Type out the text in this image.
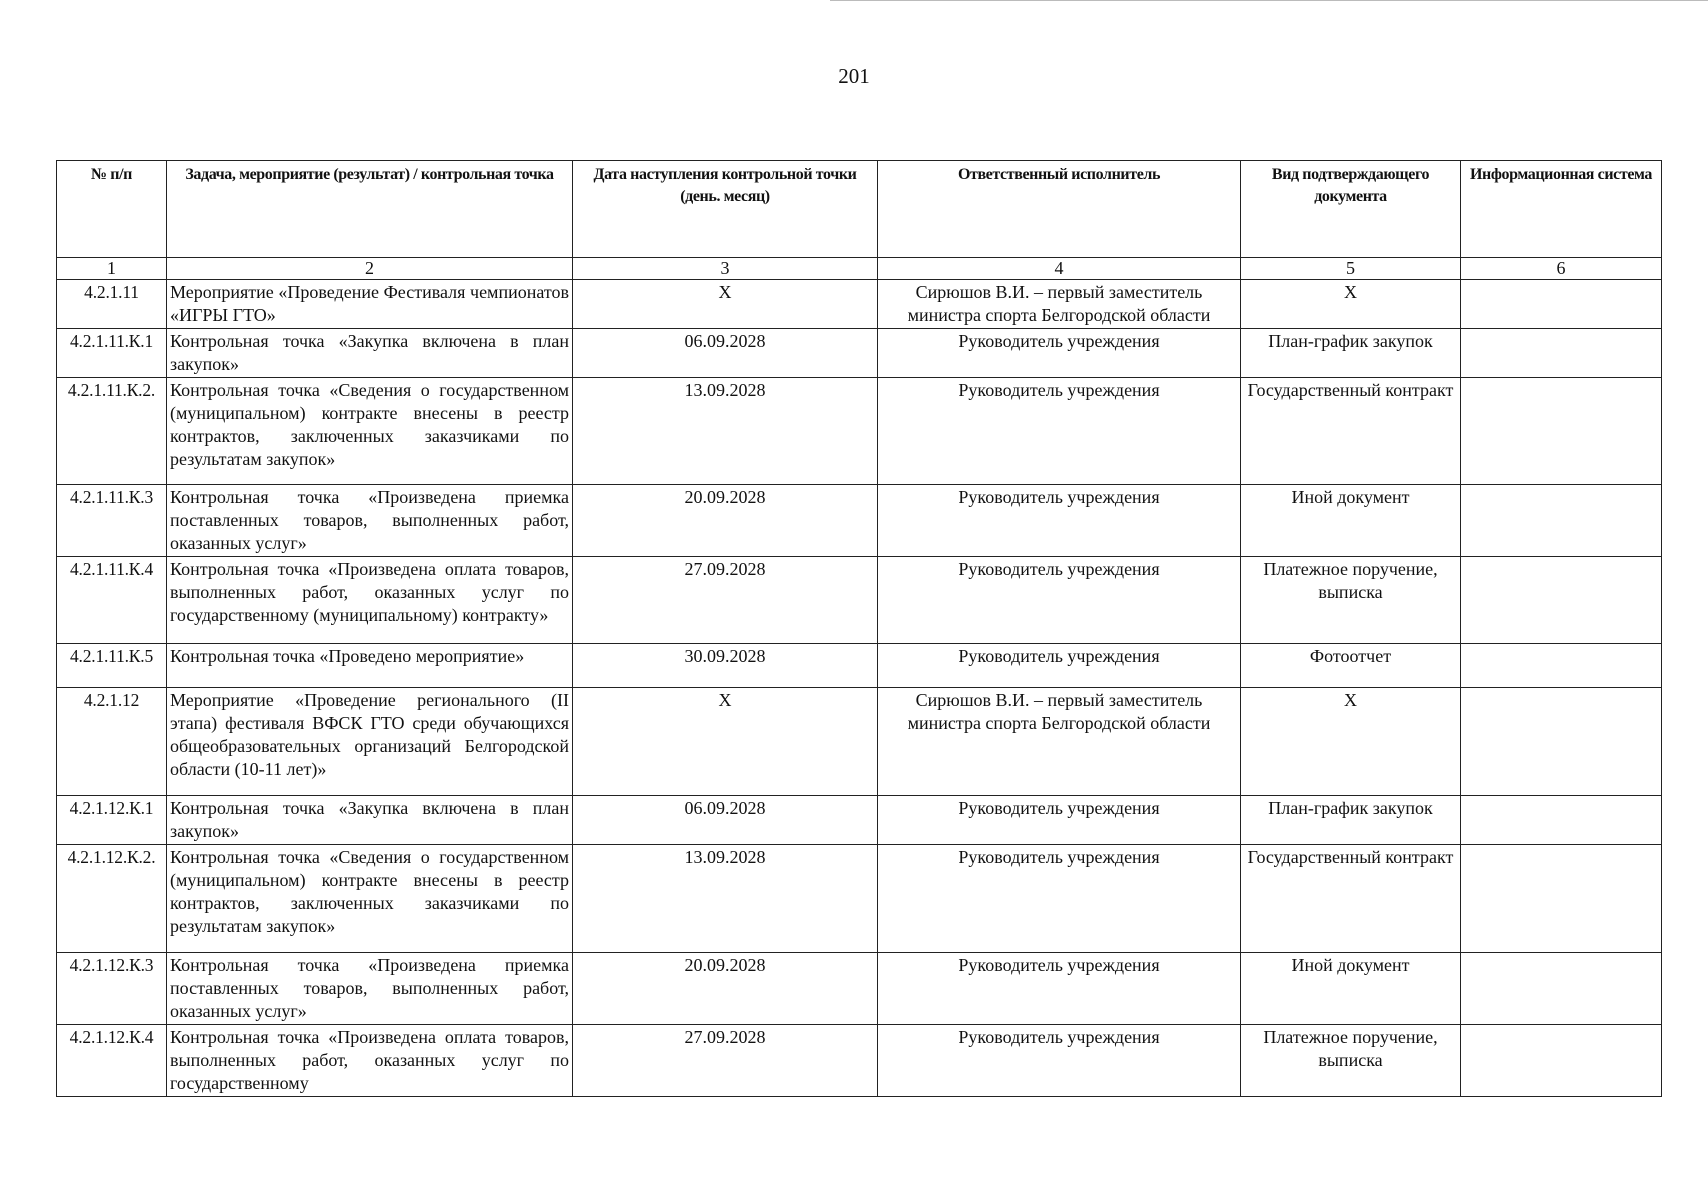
201
№ п/п	Задача, мероприятие (результат) / контрольная точка	Дата наступления контрольной точки (день. месяц)	Ответственный исполнитель	Вид подтверждающего документа	Информационная система
1	2	3	4	5	6
4.2.1.11	Мероприятие «Проведение Фестиваля чемпионатов «ИГРЫ ГТО»	X	Сирюшов В.И. – первый заместитель министра спорта Белгородской области	X	
4.2.1.11.К.1	Контрольная точка «Закупка включена в план закупок»	06.09.2028	Руководитель учреждения	План-график закупок	
4.2.1.11.К.2.	Контрольная точка «Сведения о государственном (муниципальном) контракте внесены в реестр контрактов, заключенных заказчиками по результатам закупок»	13.09.2028	Руководитель учреждения	Государственный контракт	
4.2.1.11.К.3	Контрольная точка «Произведена приемка поставленных товаров, выполненных работ, оказанных услуг»	20.09.2028	Руководитель учреждения	Иной документ	
4.2.1.11.К.4	Контрольная точка «Произведена оплата товаров, выполненных работ, оказанных услуг по государственному (муниципальному) контракту»	27.09.2028	Руководитель учреждения	Платежное поручение, выписка	
4.2.1.11.К.5	Контрольная точка «Проведено мероприятие»	30.09.2028	Руководитель учреждения	Фотоотчет	
4.2.1.12	Мероприятие «Проведение регионального (II этапа) фестиваля ВФСК ГТО среди обучающихся общеобразовательных организаций Белгородской области (10-11 лет)»	X	Сирюшов В.И. – первый заместитель министра спорта Белгородской области	X	
4.2.1.12.К.1	Контрольная точка «Закупка включена в план закупок»	06.09.2028	Руководитель учреждения	План-график закупок	
4.2.1.12.К.2.	Контрольная точка «Сведения о государственном (муниципальном) контракте внесены в реестр контрактов, заключенных заказчиками по результатам закупок»	13.09.2028	Руководитель учреждения	Государственный контракт	
4.2.1.12.К.3	Контрольная точка «Произведена приемка поставленных товаров, выполненных работ, оказанных услуг»	20.09.2028	Руководитель учреждения	Иной документ	
4.2.1.12.К.4	Контрольная точка «Произведена оплата товаров, выполненных работ, оказанных услуг по государственному	27.09.2028	Руководитель учреждения	Платежное поручение, выписка	
